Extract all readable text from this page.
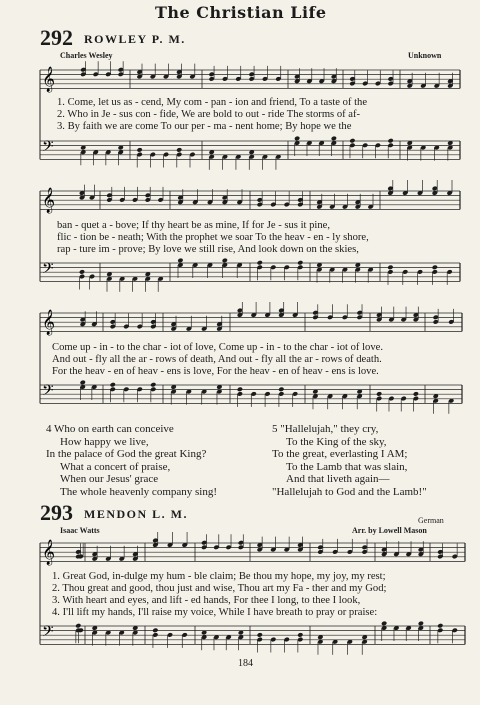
The Christian Life
292 ROWLEY P. M.
Charles Wesley	Unknown
𝄞
𝄢
𝄞
𝄢
𝄞
𝄢
𝄞
𝄢
1. Come, let us as - cend, My com - pan - ion and friend, To a taste of the
2. Who in Je - sus con - fide, We are bold to out - ride The storms of af-
3. By faith we are come To our per - ma - nent home; By hope we the
ban - quet a - bove; If thy heart be as mine, If for Je - sus it pine,
flic - tion be - neath; With the prophet we soar To the heav - en - ly shore,
rap - ture im - prove; By love we still rise, And look down on the skies,
Come up - in - to the char - iot of love, Come up - in - to the char - iot of love.
And out - fly all the ar - rows of death, And out - fly all the ar - rows of death.
For the heav - en of heav - ens is love, For the heav - en of heav - ens is love.
4 Who on earth can conceive
How happy we live,
In the palace of God the great King?
What a concert of praise,
When our Jesus' grace
The whole heavenly company sing!
5 "Hallelujah," they cry,
To the King of the sky,
To the great, everlasting I AM;
To the Lamb that was slain,
And that liveth again—
"Hallelujah to God and the Lamb!"
293 MENDON L. M.
Isaac Watts
German
Arr. by Lowell Mason
1. Great God, in-dulge my hum - ble claim; Be thou my hope, my joy, my rest;
2. Thou great and good, thou just and wise, Thou art my Fa - ther and my God;
3. With heart and eyes, and lift - ed hands, For thee I long, to thee I look,
4. I'll lift my hands, I'll raise my voice, While I have breath to pray or praise:
184
